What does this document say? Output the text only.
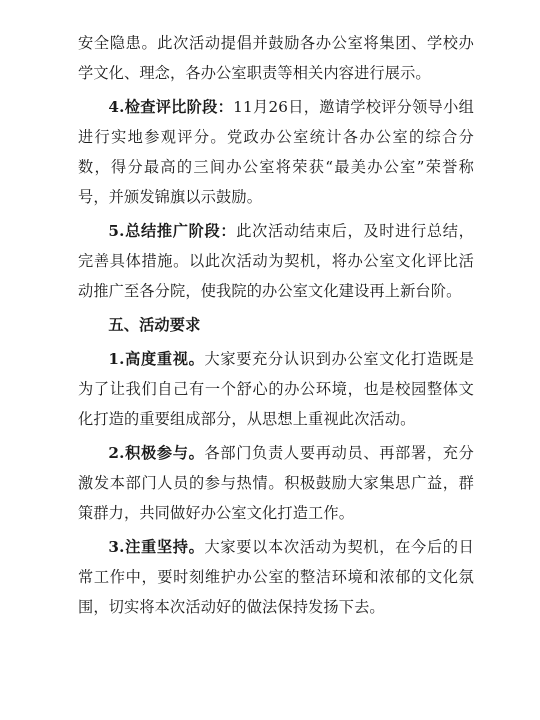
安全隐患。此次活动提倡并鼓励各办公室将集团、学校办学文化、理念，各办公室职责等相关内容进行展示。

4.检查评比阶段：11月26日，邀请学校评分领导小组进行实地参观评分。党政办公室统计各办公室的综合分数，得分最高的三间办公室将荣获“最美办公室”荣誉称号，并颁发锦旗以示鼓励。

5.总结推广阶段：此次活动结束后，及时进行总结，完善具体措施。以此次活动为契机，将办公室文化评比活动推广至各分院，使我院的办公室文化建设再上新台阶。

五、活动要求

1.高度重视。大家要充分认识到办公室文化打造既是为了让我们自己有一个舒心的办公环境，也是校园整体文化打造的重要组成部分，从思想上重视此次活动。

2.积极参与。各部门负责人要再动员、再部署，充分激发本部门人员的参与热情。积极鼓励大家集思广益，群策群力，共同做好办公室文化打造工作。

3.注重坚持。大家要以本次活动为契机，在今后的日常工作中，要时刻维护办公室的整洁环境和浓郁的文化氛围，切实将本次活动好的做法保持发扬下去。
